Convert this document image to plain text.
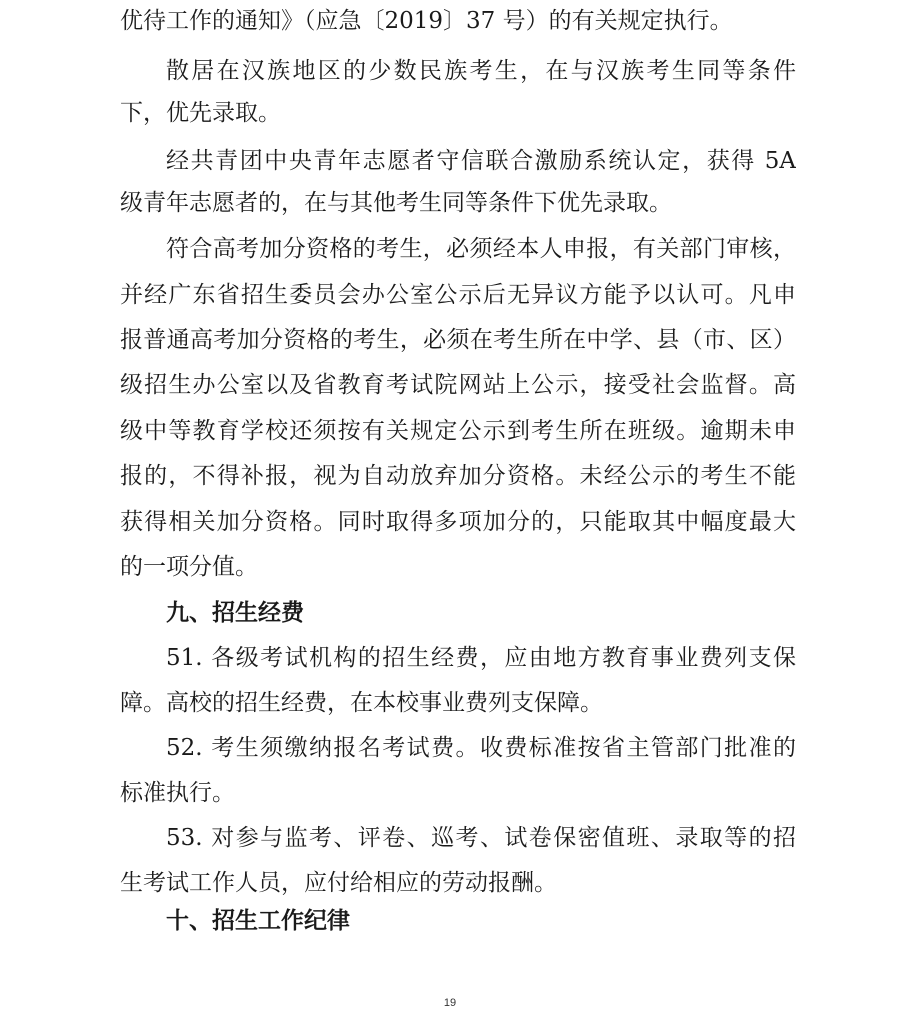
优待工作的通知》（应急〔2019〕37 号）的有关规定执行。
散居在汉族地区的少数民族考生，在与汉族考生同等条件
下，优先录取。
经共青团中央青年志愿者守信联合激励系统认定，获得 5A
级青年志愿者的，在与其他考生同等条件下优先录取。
符合高考加分资格的考生，必须经本人申报，有关部门审核，
并经广东省招生委员会办公室公示后无异议方能予以认可。凡申
报普通高考加分资格的考生，必须在考生所在中学、县（市、区）
级招生办公室以及省教育考试院网站上公示，接受社会监督。高
级中等教育学校还须按有关规定公示到考生所在班级。逾期未申
报的，不得补报，视为自动放弃加分资格。未经公示的考生不能
获得相关加分资格。同时取得多项加分的，只能取其中幅度最大
的一项分值。
九、招生经费
51. 各级考试机构的招生经费，应由地方教育事业费列支保
障。高校的招生经费，在本校事业费列支保障。
52. 考生须缴纳报名考试费。收费标准按省主管部门批准的
标准执行。
53. 对参与监考、评卷、巡考、试卷保密值班、录取等的招
生考试工作人员，应付给相应的劳动报酬。
十、招生工作纪律
19
